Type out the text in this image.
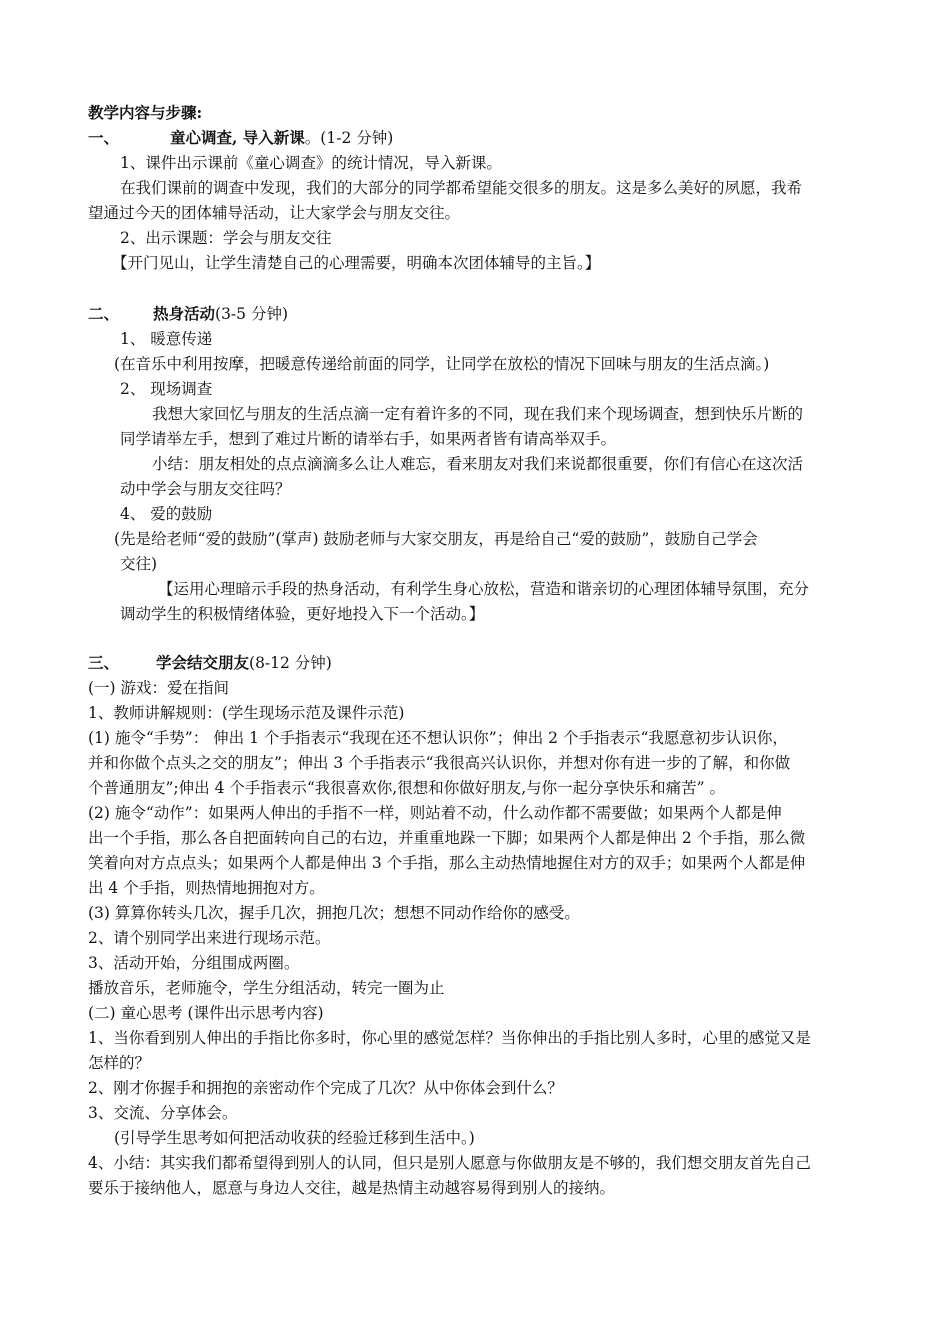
教学内容与步骤:
一、	童心调查, 导入新课。(1-2 分钟)
1、课件出示课前《童心调查》的统计情况，导入新课。
在我们课前的调查中发现，我们的大部分的同学都希望能交很多的朋友。这是多么美好的夙愿，我希
望通过今天的团体辅导活动，让大家学会与朋友交往。
2、出示课题：学会与朋友交往
【开门见山，让学生清楚自己的心理需要，明确本次团体辅导的主旨。】
二、 热身活动(3-5 分钟)
1、 暖意传递
(在音乐中利用按摩，把暖意传递给前面的同学，让同学在放松的情况下回味与朋友的生活点滴。)
2、 现场调查
我想大家回忆与朋友的生活点滴一定有着许多的不同，现在我们来个现场调查，想到快乐片断的
同学请举左手，想到了难过片断的请举右手，如果两者皆有请高举双手。
小结：朋友相处的点点滴滴多么让人难忘，看来朋友对我们来说都很重要，你们有信心在这次活
动中学会与朋友交往吗？
4、 爱的鼓励
(先是给老师“爱的鼓励”(掌声) 鼓励老师与大家交朋友，再是给自己“爱的鼓励”，鼓励自己学会
交往)
【运用心理暗示手段的热身活动，有利学生身心放松，营造和谐亲切的心理团体辅导氛围，充分
调动学生的积极情绪体验，更好地投入下一个活动。】
三、 学会结交朋友(8-12 分钟)
(一) 游戏：爱在指间
1、教师讲解规则：(学生现场示范及课件示范)
(1) 施令“手势”： 伸出 1 个手指表示“我现在还不想认识你”；伸出 2 个手指表示“我愿意初步认识你，
并和你做个点头之交的朋友”；伸出 3 个手指表示“我很高兴认识你，并想对你有进一步的了解，和你做
个普通朋友”;伸出 4 个手指表示“我很喜欢你,很想和你做好朋友,与你一起分享快乐和痛苦” 。
(2) 施令“动作”：如果两人伸出的手指不一样，则站着不动，什么动作都不需要做；如果两个人都是伸
出一个手指，那么各自把面转向自己的右边，并重重地跺一下脚；如果两个人都是伸出 2 个手指，那么微
笑着向对方点点头；如果两个人都是伸出 3 个手指，那么主动热情地握住对方的双手；如果两个人都是伸
出 4 个手指，则热情地拥抱对方。
(3) 算算你转头几次，握手几次，拥抱几次；想想不同动作给你的感受。
2、请个别同学出来进行现场示范。
3、活动开始，分组围成两圈。
播放音乐，老师施令，学生分组活动，转完一圈为止
(二) 童心思考 (课件出示思考内容)
1、当你看到别人伸出的手指比你多时，你心里的感觉怎样？当你伸出的手指比别人多时，心里的感觉又是
怎样的？
2、刚才你握手和拥抱的亲密动作个完成了几次？从中你体会到什么？
3、交流、分享体会。
(引导学生思考如何把活动收获的经验迁移到生活中。)
4、小结：其实我们都希望得到别人的认同，但只是别人愿意与你做朋友是不够的，我们想交朋友首先自己
要乐于接纳他人，愿意与身边人交往，越是热情主动越容易得到别人的接纳。
